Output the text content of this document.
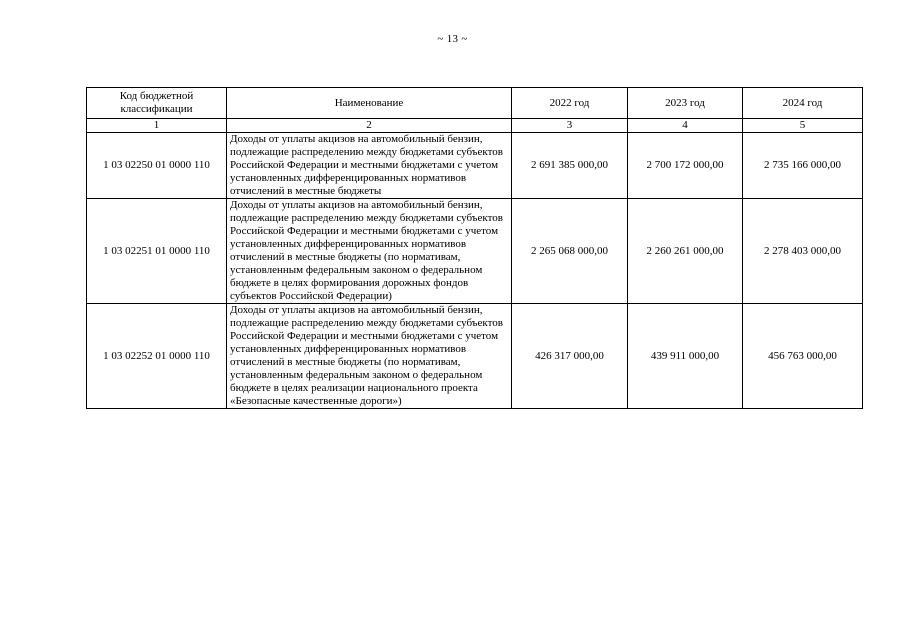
~ 13 ~
Код бюджетной классификации	Наименование	2022 год	2023 год	2024 год
1	2	3	4	5
1 03 02250 01 0000 110	Доходы от уплаты акцизов на автомобильный бензин, подлежащие распределению между бюджетами субъектов Российской Федерации и местными бюджетами с учетом установленных дифференцированных нормативов отчислений в местные бюджеты	2 691 385 000,00	2 700 172 000,00	2 735 166 000,00
1 03 02251 01 0000 110	Доходы от уплаты акцизов на автомобильный бензин, подлежащие распределению между бюджетами субъектов Российской Федерации и местными бюджетами с учетом установленных дифференцированных нормативов отчислений в местные бюджеты (по нормативам, установленным федеральным законом о федеральном бюджете в целях формирования дорожных фондов субъектов Российской Федерации)	2 265 068 000,00	2 260 261 000,00	2 278 403 000,00
1 03 02252 01 0000 110	Доходы от уплаты акцизов на автомобильный бензин, подлежащие распределению между бюджетами субъектов Российской Федерации и местными бюджетами с учетом установленных дифференцированных нормативов отчислений в местные бюджеты (по нормативам, установленным федеральным законом о федеральном бюджете в целях реализации национального проекта «Безопасные качественные дороги»)	426 317 000,00	439 911 000,00	456 763 000,00
